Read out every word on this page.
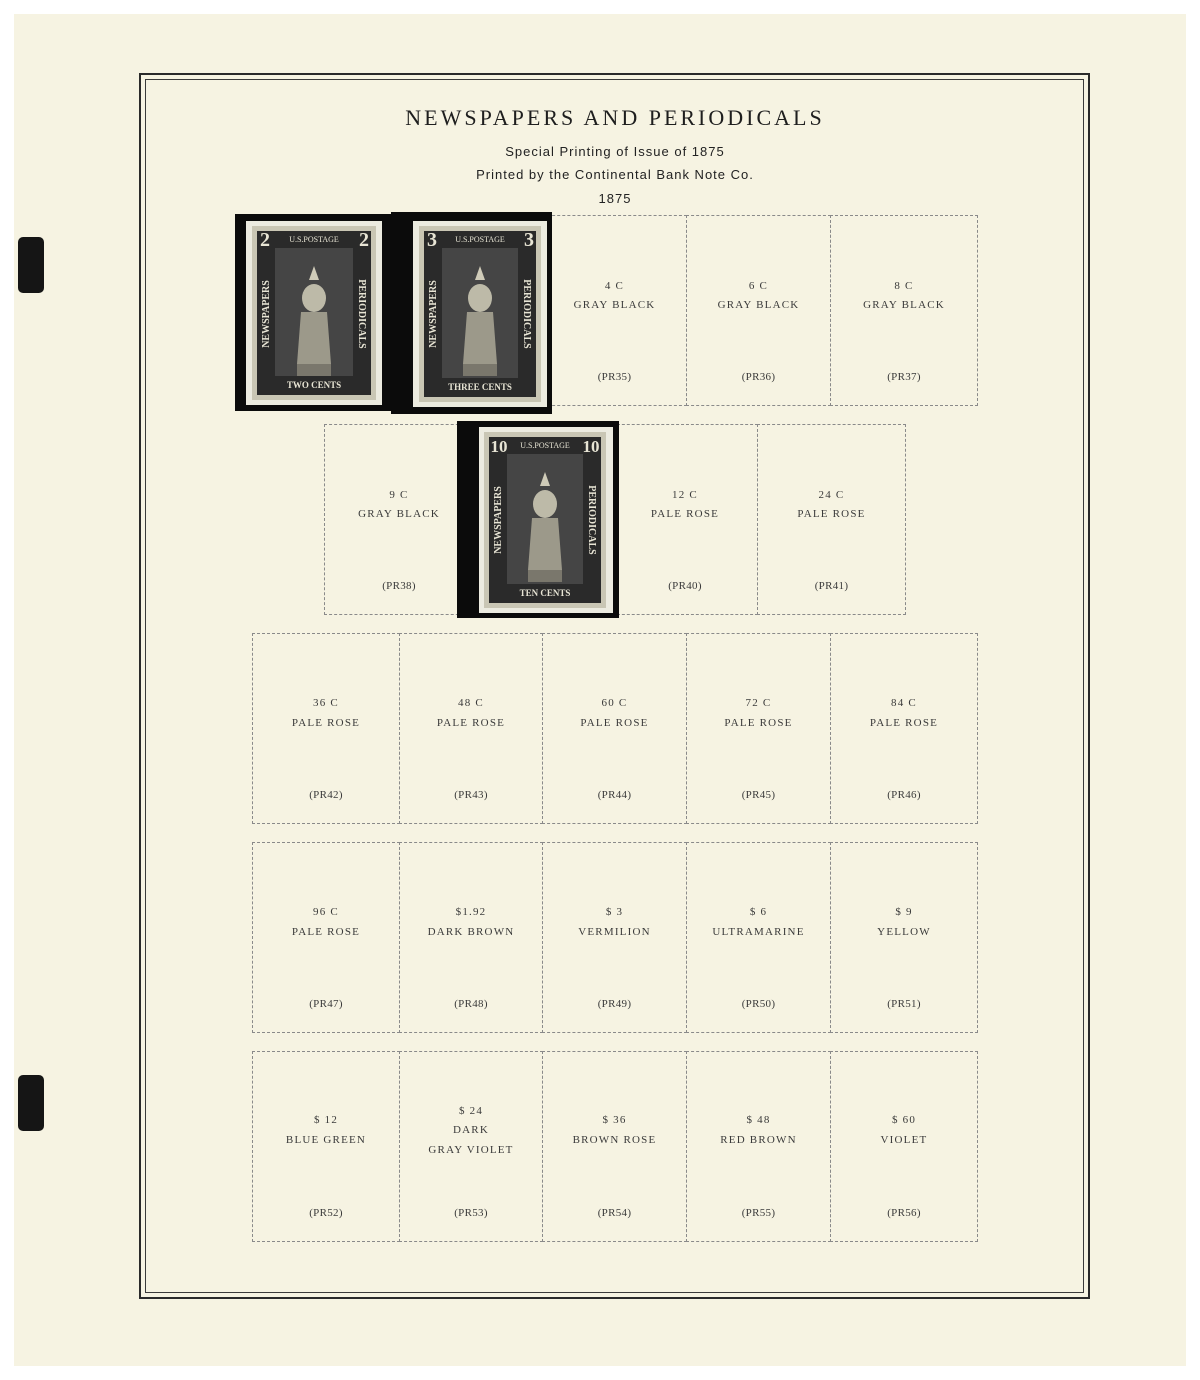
NEWSPAPERS AND PERIODICALS
Special Printing of Issue of 1875
Printed by the Continental Bank Note Co.
1875
4 C
GRAY BLACK
(PR35)
6 C
GRAY BLACK
(PR36)
8 C
GRAY BLACK
(PR37)
9 C
GRAY BLACK
(PR38)
12 C
PALE ROSE
(PR40)
24 C
PALE ROSE
(PR41)
36 C
PALE ROSE
(PR42)
48 C
PALE ROSE
(PR43)
60 C
PALE ROSE
(PR44)
72 C
PALE ROSE
(PR45)
84 C
PALE ROSE
(PR46)
96 C
PALE ROSE
(PR47)
$1.92
DARK BROWN
(PR48)
$ 3
VERMILION
(PR49)
$ 6
ULTRAMARINE
(PR50)
$ 9
YELLOW
(PR51)
$ 12
BLUE GREEN
(PR52)
$ 24
DARK
GRAY VIOLET
(PR53)
$ 36
BROWN ROSE
(PR54)
$ 48
RED BROWN
(PR55)
$ 60
VIOLET
(PR56)
U.S.POSTAGE
2	2
NEWSPAPERS	PERIODICALS
TWO CENTS
U.S.POSTAGE
3	3
NEWSPAPERS	PERIODICALS
THREE CENTS
U.S.POSTAGE
10	10
NEWSPAPERS	PERIODICALS
TEN CENTS
